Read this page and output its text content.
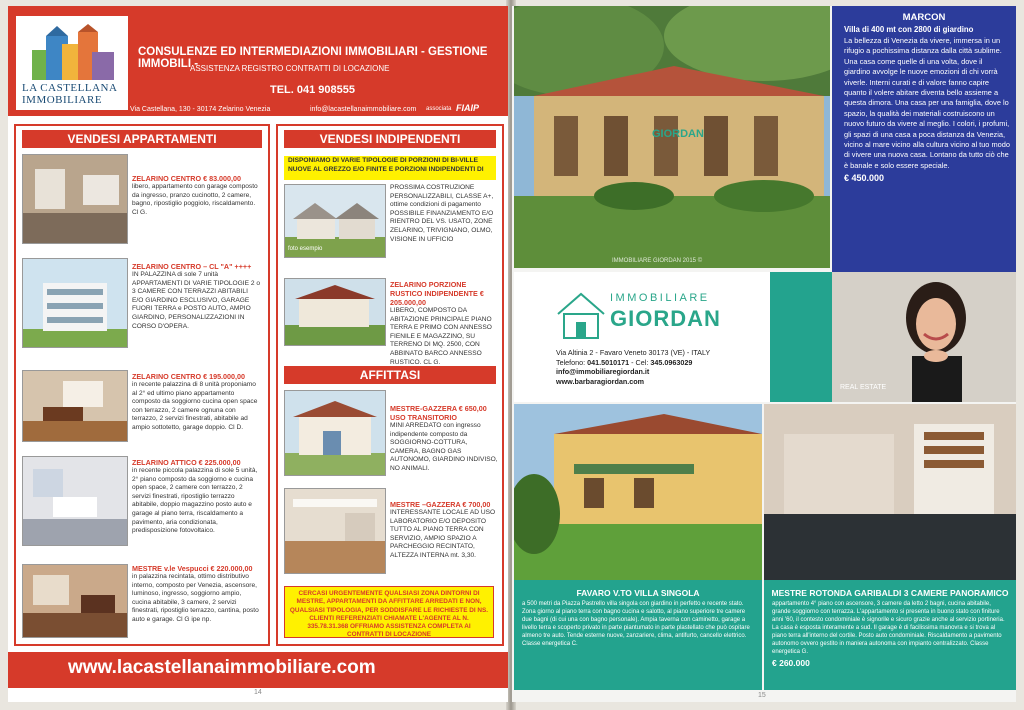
LA CASTELLANA
IMMOBILIARE
CONSULENZE ED INTERMEDIAZIONI IMMOBILIARI - GESTIONE IMMOBILI -
ASSISTENZA REGISTRO CONTRATTI DI LOCAZIONE
TEL. 041 908555
Via Castellana, 130 - 30174 Zelarino Venezia	info@lacastellanaimmobiliare.com associata FIAIP
VENDESI APPARTAMENTI
ZELARINO CENTRO € 83.000,00
libero, appartamento con garage composto da ingresso, pranzo cucinotto, 2 camere, bagno, ripostiglio poggiolo, riscaldamento. Cl G.
ZELARINO CENTRO – CL "A" ++++
IN PALAZZINA di sole 7 unità APPARTAMENTI DI VARIE TIPOLOGIE 2 o 3 CAMERE CON TERRAZZI ABITABILI E/O GIARDINO ESCLUSIVO, GARAGE FUORI TERRA e POSTO AUTO, AMPIO GIARDINO, PERSONALIZZAZIONI IN CORSO D'OPERA.
ZELARINO CENTRO € 195.000,00
in recente palazzina di 8 unità proponiamo al 2° ed ultimo piano appartamento composto da soggiorno cucina open space con terrazzo, 2 camere ognuna con terrazzo, 2 servizi finestrati, abitabile ad ampio sottotetto, garage doppio. Cl D.
ZELARINO ATTICO € 225.000,00
in recente piccola palazzina di sole 5 unità, 2° piano composto da soggiorno e cucina open space, 2 camere con terrazzo, 2 servizi finestrati, ripostiglio terrazzo abitabile, doppio magazzino posto auto e garage al piano terra, riscaldamento a pavimento, aria condizionata, predisposizione fotovoltaico.
MESTRE v.le Vespucci € 220.000,00
in palazzina recintata, ottimo distributivo interno, composto per Venezia, ascensore, luminoso, ingresso, soggiorno ampio, cucina abitabile, 3 camere, 2 servizi finestrati, ripostiglio terrazzo, cantina, posto auto e garage. Cl G ipe np.
VENDESI INDIPENDENTI
DISPONIAMO DI VARIE TIPOLOGIE DI PORZIONI DI BI-VILLE NUOVE AL GREZZO E/O FINITE E PORZIONI INDIPENDENTI DI
foto esempio
PROSSIMA COSTRUZIONE PERSONALIZZABILI, CLASSE A+, ottime condizioni di pagamento POSSIBILE FINANZIAMENTO E/O RIENTRO DEL VS. USATO, ZONE ZELARINO, TRIVIGNANO, OLMO, VISIONE IN UFFICIO
ZELARINO PORZIONE RUSTICO INDIPENDENTE € 205.000,00
LIBERO, COMPOSTO DA ABITAZIONE PRINCIPALE PIANO TERRA E PRIMO CON ANNESSO FIENILE E MAGAZZINO, SU TERRENO DI MQ. 2500, CON ABBINATO BARCO ANNESSO RUSTICO. CL G.
AFFITTASI
MESTRE-GAZZERA € 650,00 USO TRANSITORIO
MINI ARREDATO con ingresso indipendente composto da SOGGIORNO-COTTURA, CAMERA, BAGNO GAS AUTONOMO, GIARDINO INDIVISO, NO ANIMALI.
MESTRE –GAZZERA € 700,00
INTERESSANTE LOCALE AD USO LABORATORIO E/O DEPOSITO TUTTO AL PIANO TERRA CON SERVIZIO, AMPIO SPAZIO A PARCHEGGIO RECINTATO, ALTEZZA INTERNA mt. 3,30.

CERCASI URGENTEMENTE QUALSIASI ZONA DINTORNI DI MESTRE, APPARTAMENTI DA AFFITTARE ARREDATI E NON, QUALSIASI TIPOLOGIA, PER SODDISFARE LE RICHIESTE DI NS. CLIENTI REFERENZIATI CHIAMATE L'AGENTE AL N. 335.78.31.368 OFFRIAMO ASSISTENZA COMPLETA AI CONTRATTI DI LOCAZIONE

www.lacastellanaimmobiliare.com
14
GIORDAN
IMMOBILIARE GIORDAN 2015 ©
MARCON
Villa di 400 mt con 2800 di giardino
La bellezza di Venezia da vivere, immersa in un rifugio a pochissima distanza dalla città sublime. Una casa come quelle di una volta, dove il giardino avvolge le nuove emozioni di chi vorrà viverle. Interni curati e di valore fanno capire quanto il volere abitare diventa bello assieme a questa dimora. Una casa per una famiglia, dove lo spazio, la qualità dei materiali costruiscono un nuovo futuro da vivere al meglio. I colori, i profumi, gli spazi di una casa a poca distanza da Venezia, vicino al mare vicino alla cultura vicino al tuo modo di vivere una nuova casa. Lontano da tutto ciò che è banale e solo essere speciale.
€ 450.000
IMMOBILIARE
GIORDAN
Via Altinia 2 - Favaro Veneto 30173 (VE) - ITALY
Telefono: 041.5010171 - Cel: 345.0963029
info@immobiliaregiordan.it
www.barbaragiordan.com
REAL ESTATE
FAVARO V.TO VILLA SINGOLA
a 500 metri da Piazza Pastrello villa singola con giardino in perfetto e recente stato. Zona giorno al piano terra con bagno cucina e salotto, al piano superiore tre camere due bagni (di cui una con bagno personale). Ampia taverna con caminetto, garage a livello terra e scoperto privato in parte piantumato in parte plastellato che può ospitare almeno tre auto. Tende esterne nuove, zanzariere, clima, antifurto, cancello elettrico. Classe energetica C.
MESTRE ROTONDA GARIBALDI 3 CAMERE PANORAMICO
appartamento 4° piano con ascensore, 3 camere da letto 2 bagni, cucina abitabile, grande soggiorno con terrazza. L'appartamento si presenta in buono stato con finiture anni '60, il contesto condominiale è signorile e sicuro grazie anche al servizio portineria. La casa è esposta interamente a sud. Il garage è di facilissima manovra e si trova al piano terra all'interno del cortile. Posto auto condominiale. Riscaldamento a pavimento autonomo ovvero gestito in maniera autonoma con impianto centralizzato. Classe energetica G.
€ 260.000
15
